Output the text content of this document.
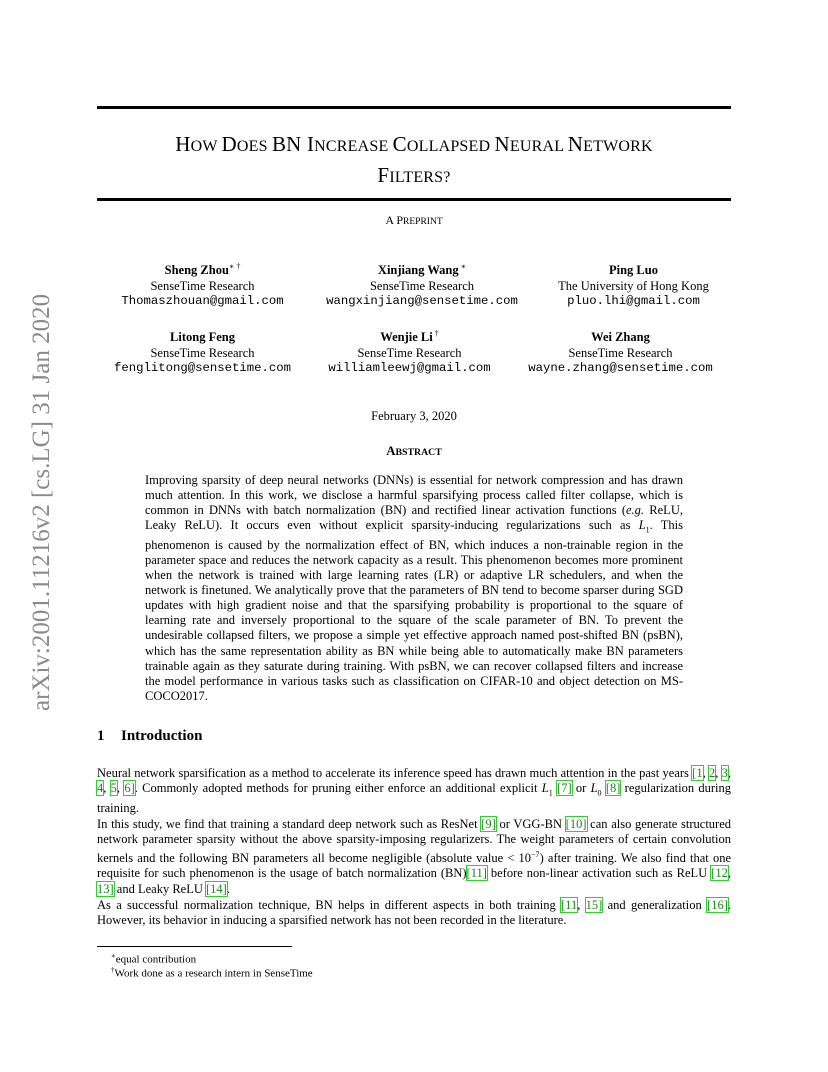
arXiv:2001.11216v2 [cs.LG] 31 Jan 2020
HOW DOES BN INCREASE COLLAPSED NEURAL NETWORK
FILTERS?
A PREPRINT
Sheng Zhou∗ †
SenseTime Research
Thomaszhouan@gmail.com
Xinjiang Wang ∗
SenseTime Research
wangxinjiang@sensetime.com
Ping Luo
The University of Hong Kong
pluo.lhi@gmail.com
Litong Feng
SenseTime Research
fenglitong@sensetime.com
Wenjie Li †
SenseTime Research
williamleewj@gmail.com
Wei Zhang
SenseTime Research
wayne.zhang@sensetime.com
February 3, 2020
ABSTRACT
Improving sparsity of deep neural networks (DNNs) is essential for network compression and has drawn much attention. In this work, we disclose a harmful sparsifying process called filter collapse, which is common in DNNs with batch normalization (BN) and rectified linear activation functions (e.g. ReLU, Leaky ReLU). It occurs even without explicit sparsity-inducing regularizations such as $L_1$. This phenomenon is caused by the normalization effect of BN, which induces a non-trainable region in the parameter space and reduces the network capacity as a result. This phenomenon becomes more prominent when the network is trained with large learning rates (LR) or adaptive LR schedulers, and when the network is finetuned. We analytically prove that the parameters of BN tend to become sparser during SGD updates with high gradient noise and that the sparsifying probability is proportional to the square of learning rate and inversely proportional to the square of the scale parameter of BN. To prevent the undesirable collapsed filters, we propose a simple yet effective approach named post-shifted BN (psBN), which has the same representation ability as BN while being able to automatically make BN parameters trainable again as they saturate during training. With psBN, we can recover collapsed filters and increase the model performance in various tasks such as classification on CIFAR-10 and object detection on MS-COCO2017.
1 Introduction
Neural network sparsification as a method to accelerate its inference speed has drawn much attention in the past years [1, 2, 3, 4, 5, 6]. Commonly adopted methods for pruning either enforce an additional explicit $L_1$ [7] or $L_0$ [8] regularization during training.
In this study, we find that training a standard deep network such as ResNet [9] or VGG-BN [10] can also generate structured network parameter sparsity without the above sparsity-imposing regularizers. The weight parameters of certain convolution kernels and the following BN parameters all become negligible (absolute value < $10^{-7}$) after training. We also find that one requisite for such phenomenon is the usage of batch normalization (BN)[11] before non-linear activation such as ReLU [12, 13] and Leaky ReLU [14].
As a successful normalization technique, BN helps in different aspects in both training [11, 15] and generalization [16]. However, its behavior in inducing a sparsified network has not been recorded in the literature.
∗equal contribution
†Work done as a research intern in SenseTime
